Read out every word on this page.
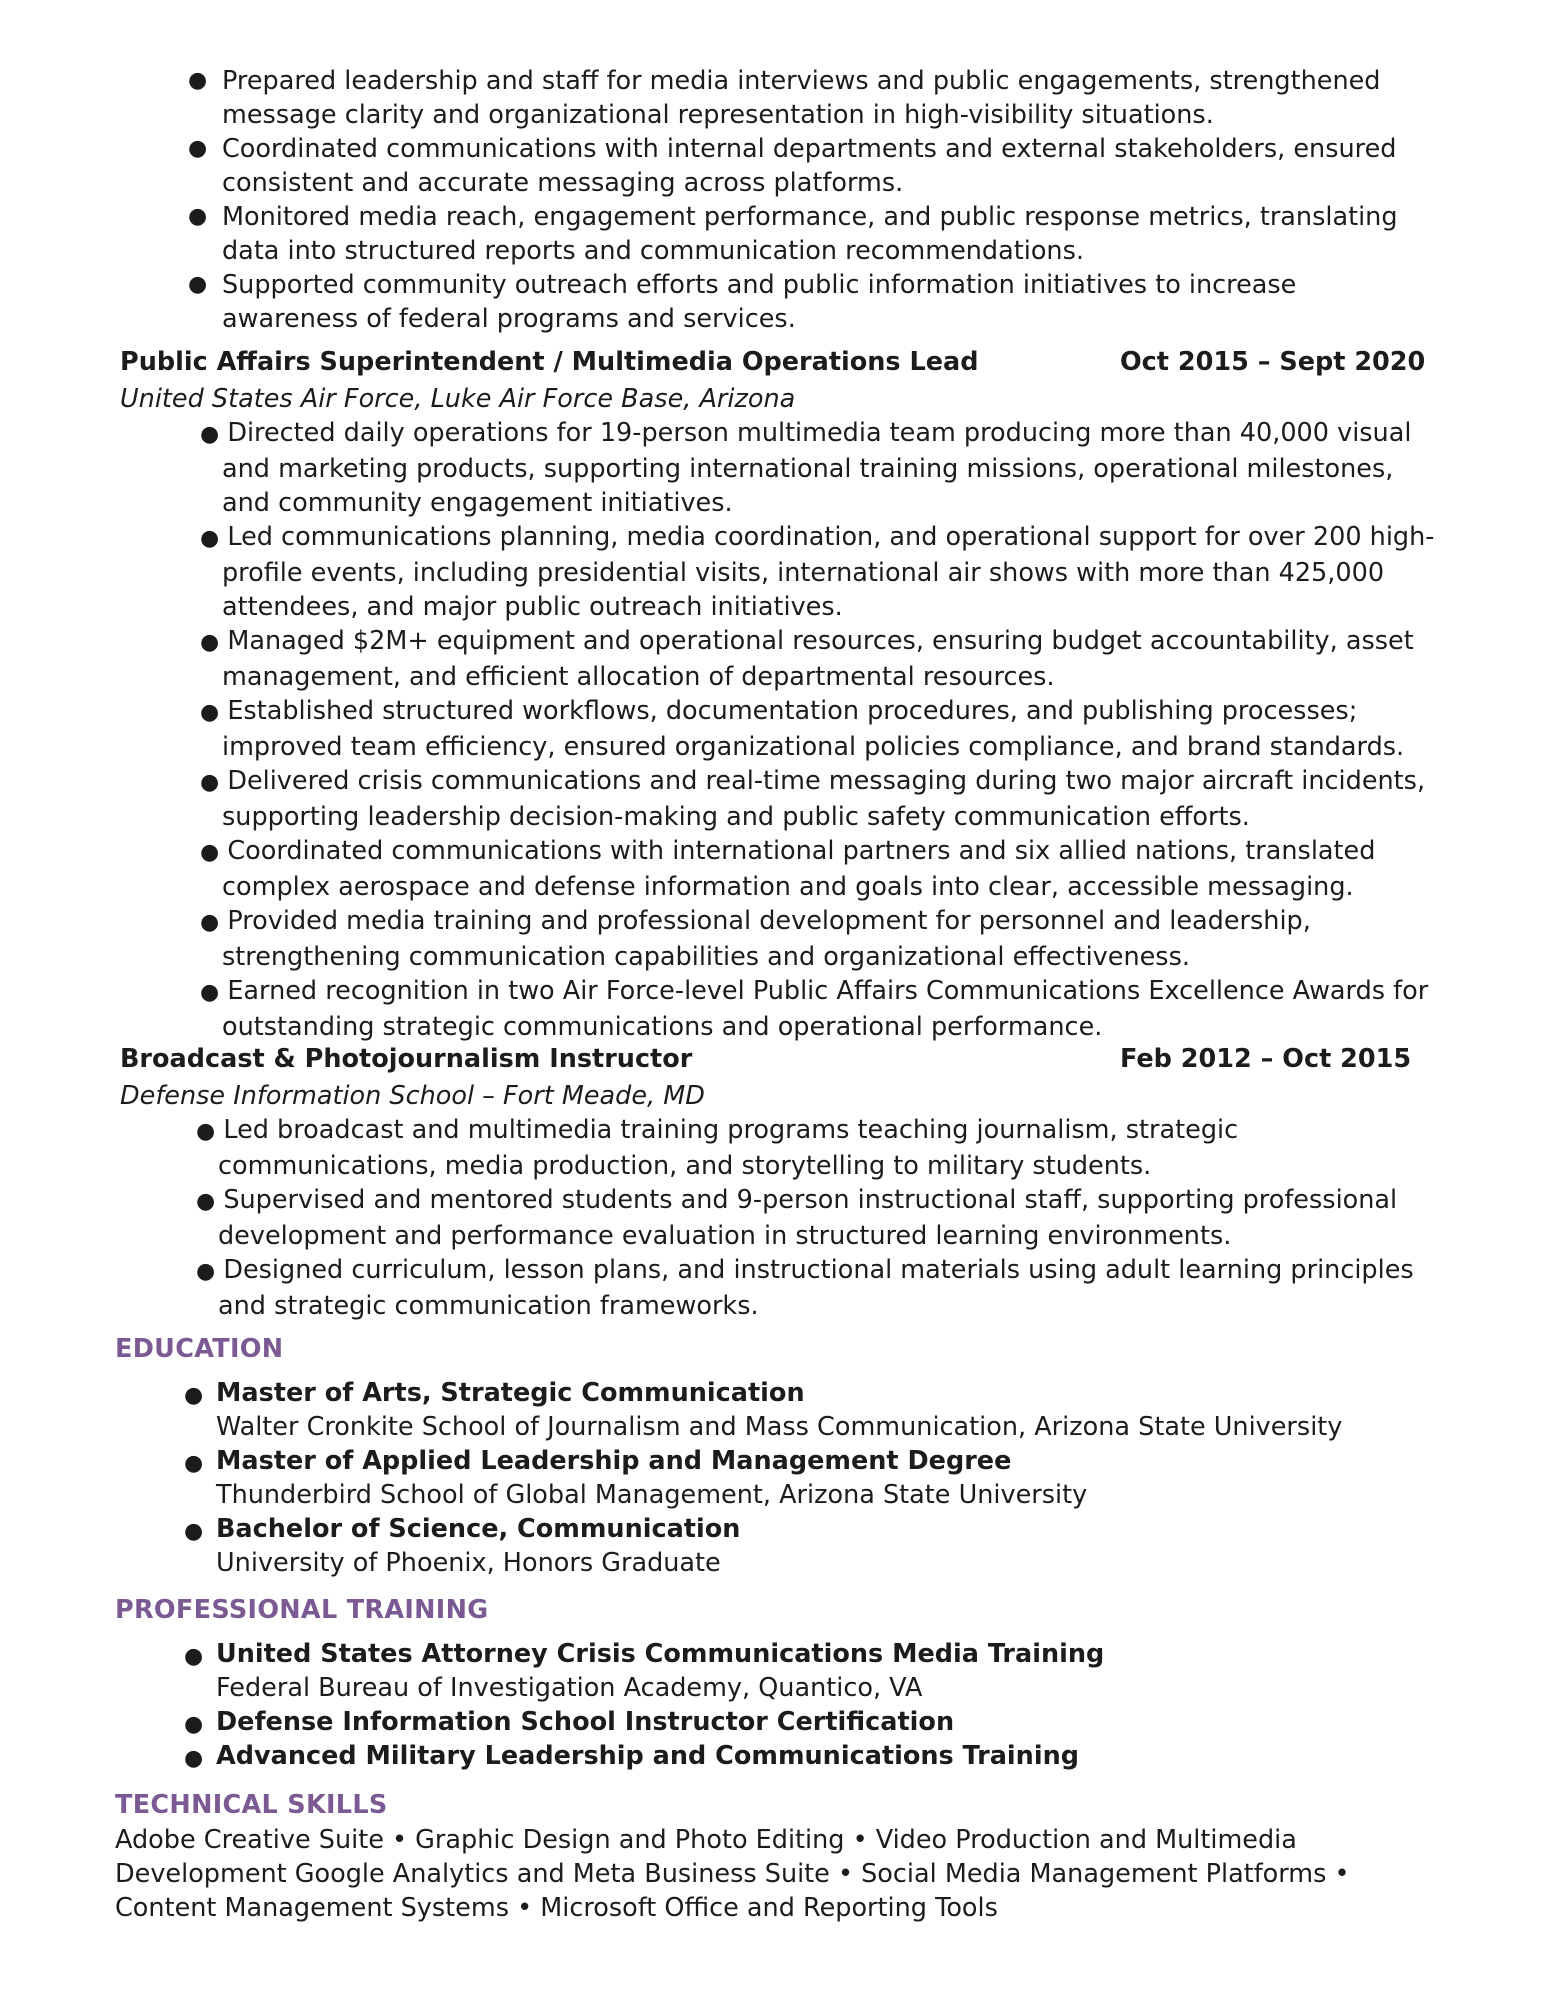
● Prepared leadership and staff for media interviews and public engagements, strengthened message clarity and organizational representation in high-visibility situations.
● Coordinated communications with internal departments and external stakeholders, ensured consistent and accurate messaging across platforms.
● Monitored media reach, engagement performance, and public response metrics, translating data into structured reports and communication recommendations.
● Supported community outreach efforts and public information initiatives to increase awareness of federal programs and services.
Public Affairs Superintendent / Multimedia Operations Lead	Oct 2015 – Sept 2020
United States Air Force, Luke Air Force Base, Arizona
● Directed daily operations for 19-person multimedia team producing more than 40,000 visual and marketing products, supporting international training missions, operational milestones, and community engagement initiatives.
● Led communications planning, media coordination, and operational support for over 200 high-profile events, including presidential visits, international air shows with more than 425,000 attendees, and major public outreach initiatives.
● Managed $2M+ equipment and operational resources, ensuring budget accountability, asset management, and efficient allocation of departmental resources.
● Established structured workflows, documentation procedures, and publishing processes; improved team efficiency, ensured organizational policies compliance, and brand standards.
● Delivered crisis communications and real-time messaging during two major aircraft incidents, supporting leadership decision-making and public safety communication efforts.
● Coordinated communications with international partners and six allied nations, translated complex aerospace and defense information and goals into clear, accessible messaging.
● Provided media training and professional development for personnel and leadership, strengthening communication capabilities and organizational effectiveness.
● Earned recognition in two Air Force-level Public Affairs Communications Excellence Awards for outstanding strategic communications and operational performance.
Broadcast & Photojournalism Instructor	Feb 2012 – Oct 2015
Defense Information School – Fort Meade, MD
● Led broadcast and multimedia training programs teaching journalism, strategic communications, media production, and storytelling to military students.
● Supervised and mentored students and 9-person instructional staff, supporting professional development and performance evaluation in structured learning environments.
● Designed curriculum, lesson plans, and instructional materials using adult learning principles and strategic communication frameworks.
EDUCATION
● Master of Arts, Strategic Communication
Walter Cronkite School of Journalism and Mass Communication, Arizona State University
● Master of Applied Leadership and Management Degree
Thunderbird School of Global Management, Arizona State University
● Bachelor of Science, Communication
University of Phoenix, Honors Graduate
PROFESSIONAL TRAINING
● United States Attorney Crisis Communications Media Training
Federal Bureau of Investigation Academy, Quantico, VA
● Defense Information School Instructor Certification
● Advanced Military Leadership and Communications Training
TECHNICAL SKILLS
Adobe Creative Suite • Graphic Design and Photo Editing • Video Production and Multimedia Development Google Analytics and Meta Business Suite • Social Media Management Platforms • Content Management Systems • Microsoft Office and Reporting Tools
